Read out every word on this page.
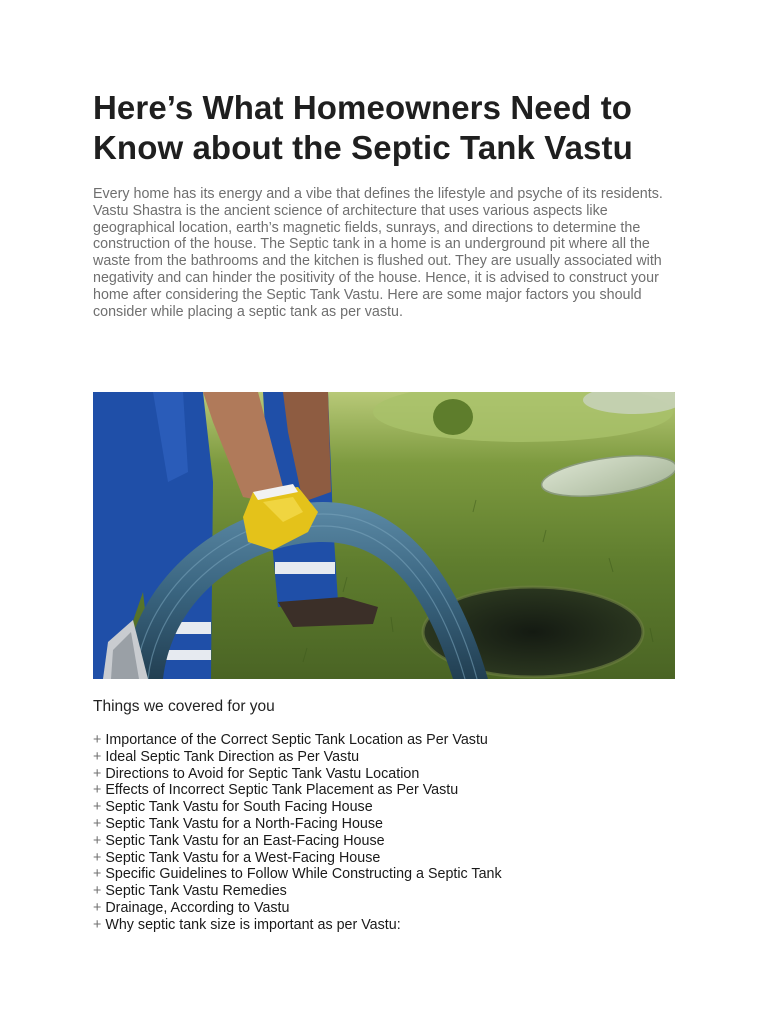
Here’s What Homeowners Need to Know about the Septic Tank Vastu

Every home has its energy and a vibe that defines the lifestyle and psyche of its residents. Vastu Shastra is the ancient science of architecture that uses various aspects like geographical location, earth’s magnetic fields, sunrays, and directions to determine the construction of the house. The Septic tank in a home is an underground pit where all the waste from the bathrooms and the kitchen is flushed out. They are usually associated with negativity and can hinder the positivity of the house. Hence, it is advised to construct your home after considering the Septic Tank Vastu. Here are some major factors you should consider while placing a septic tank as per vastu.

Things we covered for you
+ Importance of the Correct Septic Tank Location as Per Vastu
+ Ideal Septic Tank Direction as Per Vastu
+ Directions to Avoid for Septic Tank Vastu Location
+ Effects of Incorrect Septic Tank Placement as Per Vastu
+ Septic Tank Vastu for South Facing House
+ Septic Tank Vastu for a North-Facing House
+ Septic Tank Vastu for an East-Facing House
+ Septic Tank Vastu for a West-Facing House
+ Specific Guidelines to Follow While Constructing a Septic Tank
+ Septic Tank Vastu Remedies
+ Drainage, According to Vastu
+ Why septic tank size is important as per Vastu:
